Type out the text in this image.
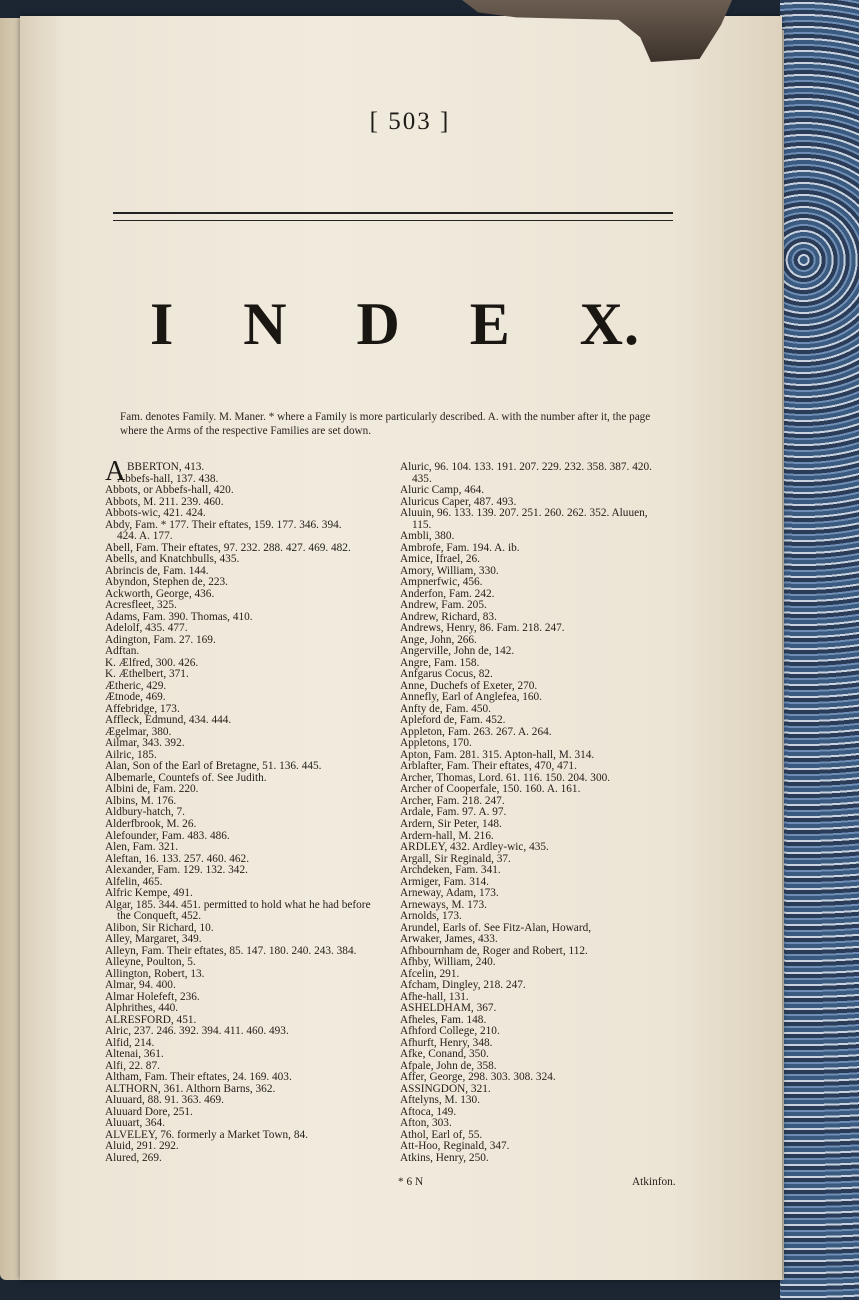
[ 503 ]
I N D E X.
Fam. denotes Family. M. Maner. * where a Family is more particularly described. A. with the number after it, the page where the Arms of the respective Families are set down.
A BBERTON, 413.
Abbefs-hall, 137. 438.
Abbots, or Abbefs-hall, 420.
Abbots, M. 211. 239. 460.
Abbots-wic, 421. 424.
Abdy, Fam. * 177. Their eftates, 159. 177. 346. 394.
424. A. 177.
Abell, Fam. Their eftates, 97. 232. 288. 427. 469. 482.
Abells, and Knatchbulls, 435.
Abrincis de, Fam. 144.
Abyndon, Stephen de, 223.
Ackworth, George, 436.
Acresfleet, 325.
Adams, Fam. 390. Thomas, 410.
Adelolf, 435. 477.
Adington, Fam. 27. 169.
Adftan.
K. Ælfred, 300. 426.
K. Æthelbert, 371.
Ætheric, 429.
Ætnode, 469.
Affebridge, 173.
Affleck, Edmund, 434. 444.
Ægelmar, 380.
Ailmar, 343. 392.
Ailric, 185.
Alan, Son of the Earl of Bretagne, 51. 136. 445.
Albemarle, Countefs of. See Judith.
Albini de, Fam. 220.
Albins, M. 176.
Aldbury-hatch, 7.
Alderfbrook, M. 26.
Alefounder, Fam. 483. 486.
Alen, Fam. 321.
Aleftan, 16. 133. 257. 460. 462.
Alexander, Fam. 129. 132. 342.
Alfelin, 465.
Alfric Kempe, 491.
Algar, 185. 344. 451. permitted to hold what he had before
the Conqueft, 452.
Alibon, Sir Richard, 10.
Alley, Margaret, 349.
Alleyn, Fam. Their eftates, 85. 147. 180. 240. 243. 384.
Alleyne, Poulton, 5.
Allington, Robert, 13.
Almar, 94. 400.
Almar Holefeft, 236.
Alphrithes, 440.
ALRESFORD, 451.
Alric, 237. 246. 392. 394. 411. 460. 493.
Alfid, 214.
Altenai, 361.
Alfi, 22. 87.
Altham, Fam. Their eftates, 24. 169. 403.
ALTHORN, 361. Althorn Barns, 362.
Aluuard, 88. 91. 363. 469.
Aluuard Dore, 251.
Aluuart, 364.
ALVELEY, 76. formerly a Market Town, 84.
Aluid, 291. 292.
Alured, 269.
Aluric, 96. 104. 133. 191. 207. 229. 232. 358. 387. 420.
435.
Aluric Camp, 464.
Aluricus Caper, 487. 493.
Aluuin, 96. 133. 139. 207. 251. 260. 262. 352. Aluuen,
115.
Ambli, 380.
Ambrofe, Fam. 194. A. ib.
Amice, Ifrael, 26.
Amory, William, 330.
Ampnerfwic, 456.
Anderfon, Fam. 242.
Andrew, Fam. 205.
Andrew, Richard, 83.
Andrews, Henry, 86. Fam. 218. 247.
Ange, John, 266.
Angerville, John de, 142.
Angre, Fam. 158.
Anfgarus Cocus, 82.
Anne, Duchefs of Exeter, 270.
Annefly, Earl of Anglefea, 160.
Anfty de, Fam. 450.
Apleford de, Fam. 452.
Appleton, Fam. 263. 267. A. 264.
Appletons, 170.
Apton, Fam. 281. 315. Apton-hall, M. 314.
Arblafter, Fam. Their eftates, 470, 471.
Archer, Thomas, Lord. 61. 116. 150. 204. 300.
Archer of Cooperfale, 150. 160. A. 161.
Archer, Fam. 218. 247.
Ardale, Fam. 97. A. 97.
Ardern, Sir Peter, 148.
Ardern-hall, M. 216.
ARDLEY, 432. Ardley-wic, 435.
Argall, Sir Reginald, 37.
Archdeken, Fam. 341.
Armiger, Fam. 314.
Arneway, Adam, 173.
Arneways, M. 173.
Arnolds, 173.
Arundel, Earls of. See Fitz-Alan, Howard,
Arwaker, James, 433.
Afhbournham de, Roger and Robert, 112.
Afhby, William, 240.
Afcelin, 291.
Afcham, Dingley, 218. 247.
Afhe-hall, 131.
ASHELDHAM, 367.
Afheles, Fam. 148.
Afhford College, 210.
Afhurft, Henry, 348.
Afke, Conand, 350.
Afpale, John de, 358.
Affer, George, 298. 303. 308. 324.
ASSINGDON, 321.
Aftelyns, M. 130.
Aftoca, 149.
Afton, 303.
Athol, Earl of, 55.
Att-Hoo, Reginald, 347.
Atkins, Henry, 250.
* 6 N	Atkinfon.
